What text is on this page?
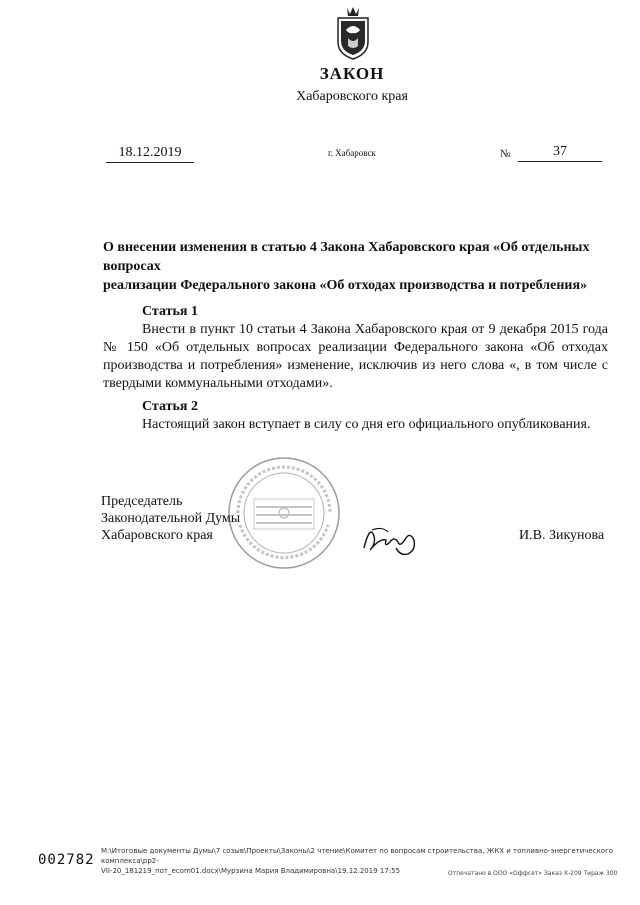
ЗАКОН
Хабаровского края
18.12.2019	г. Хабаровск	№	37
О внесении изменения в статью 4 Закона Хабаровского края «Об отдельных вопросах
реализации Федерального закона «Об отходах производства и потребления»
Статья 1
Внести в пункт 10 статьи 4 Закона Хабаровского края от 9 декабря 2015 года № 150 «Об отдельных вопросах реализации Федерального закона «Об отходах производства и потребления» изменение, исключив из него слова «, в том числе с твердыми коммунальными отходами».
Статья 2
Настоящий закон вступает в силу со дня его официального опубликования.
Председатель
Законодательной Думы
Хабаровского края	И.В. Зикунова
002782
M:\Итоговые документы Думы\7 созыв\Проекты\Законы\2 чтение\Комитет по вопросам строительства, ЖКХ и топливно-энергетического комплекса\pp2-
VII-20_181219_пот_ecom01.docx\Мурзина Мария Владимировна\19.12.2019 17:55	Отпечатано в ООО «Оффсет» Заказ Х-209 Тираж 300
